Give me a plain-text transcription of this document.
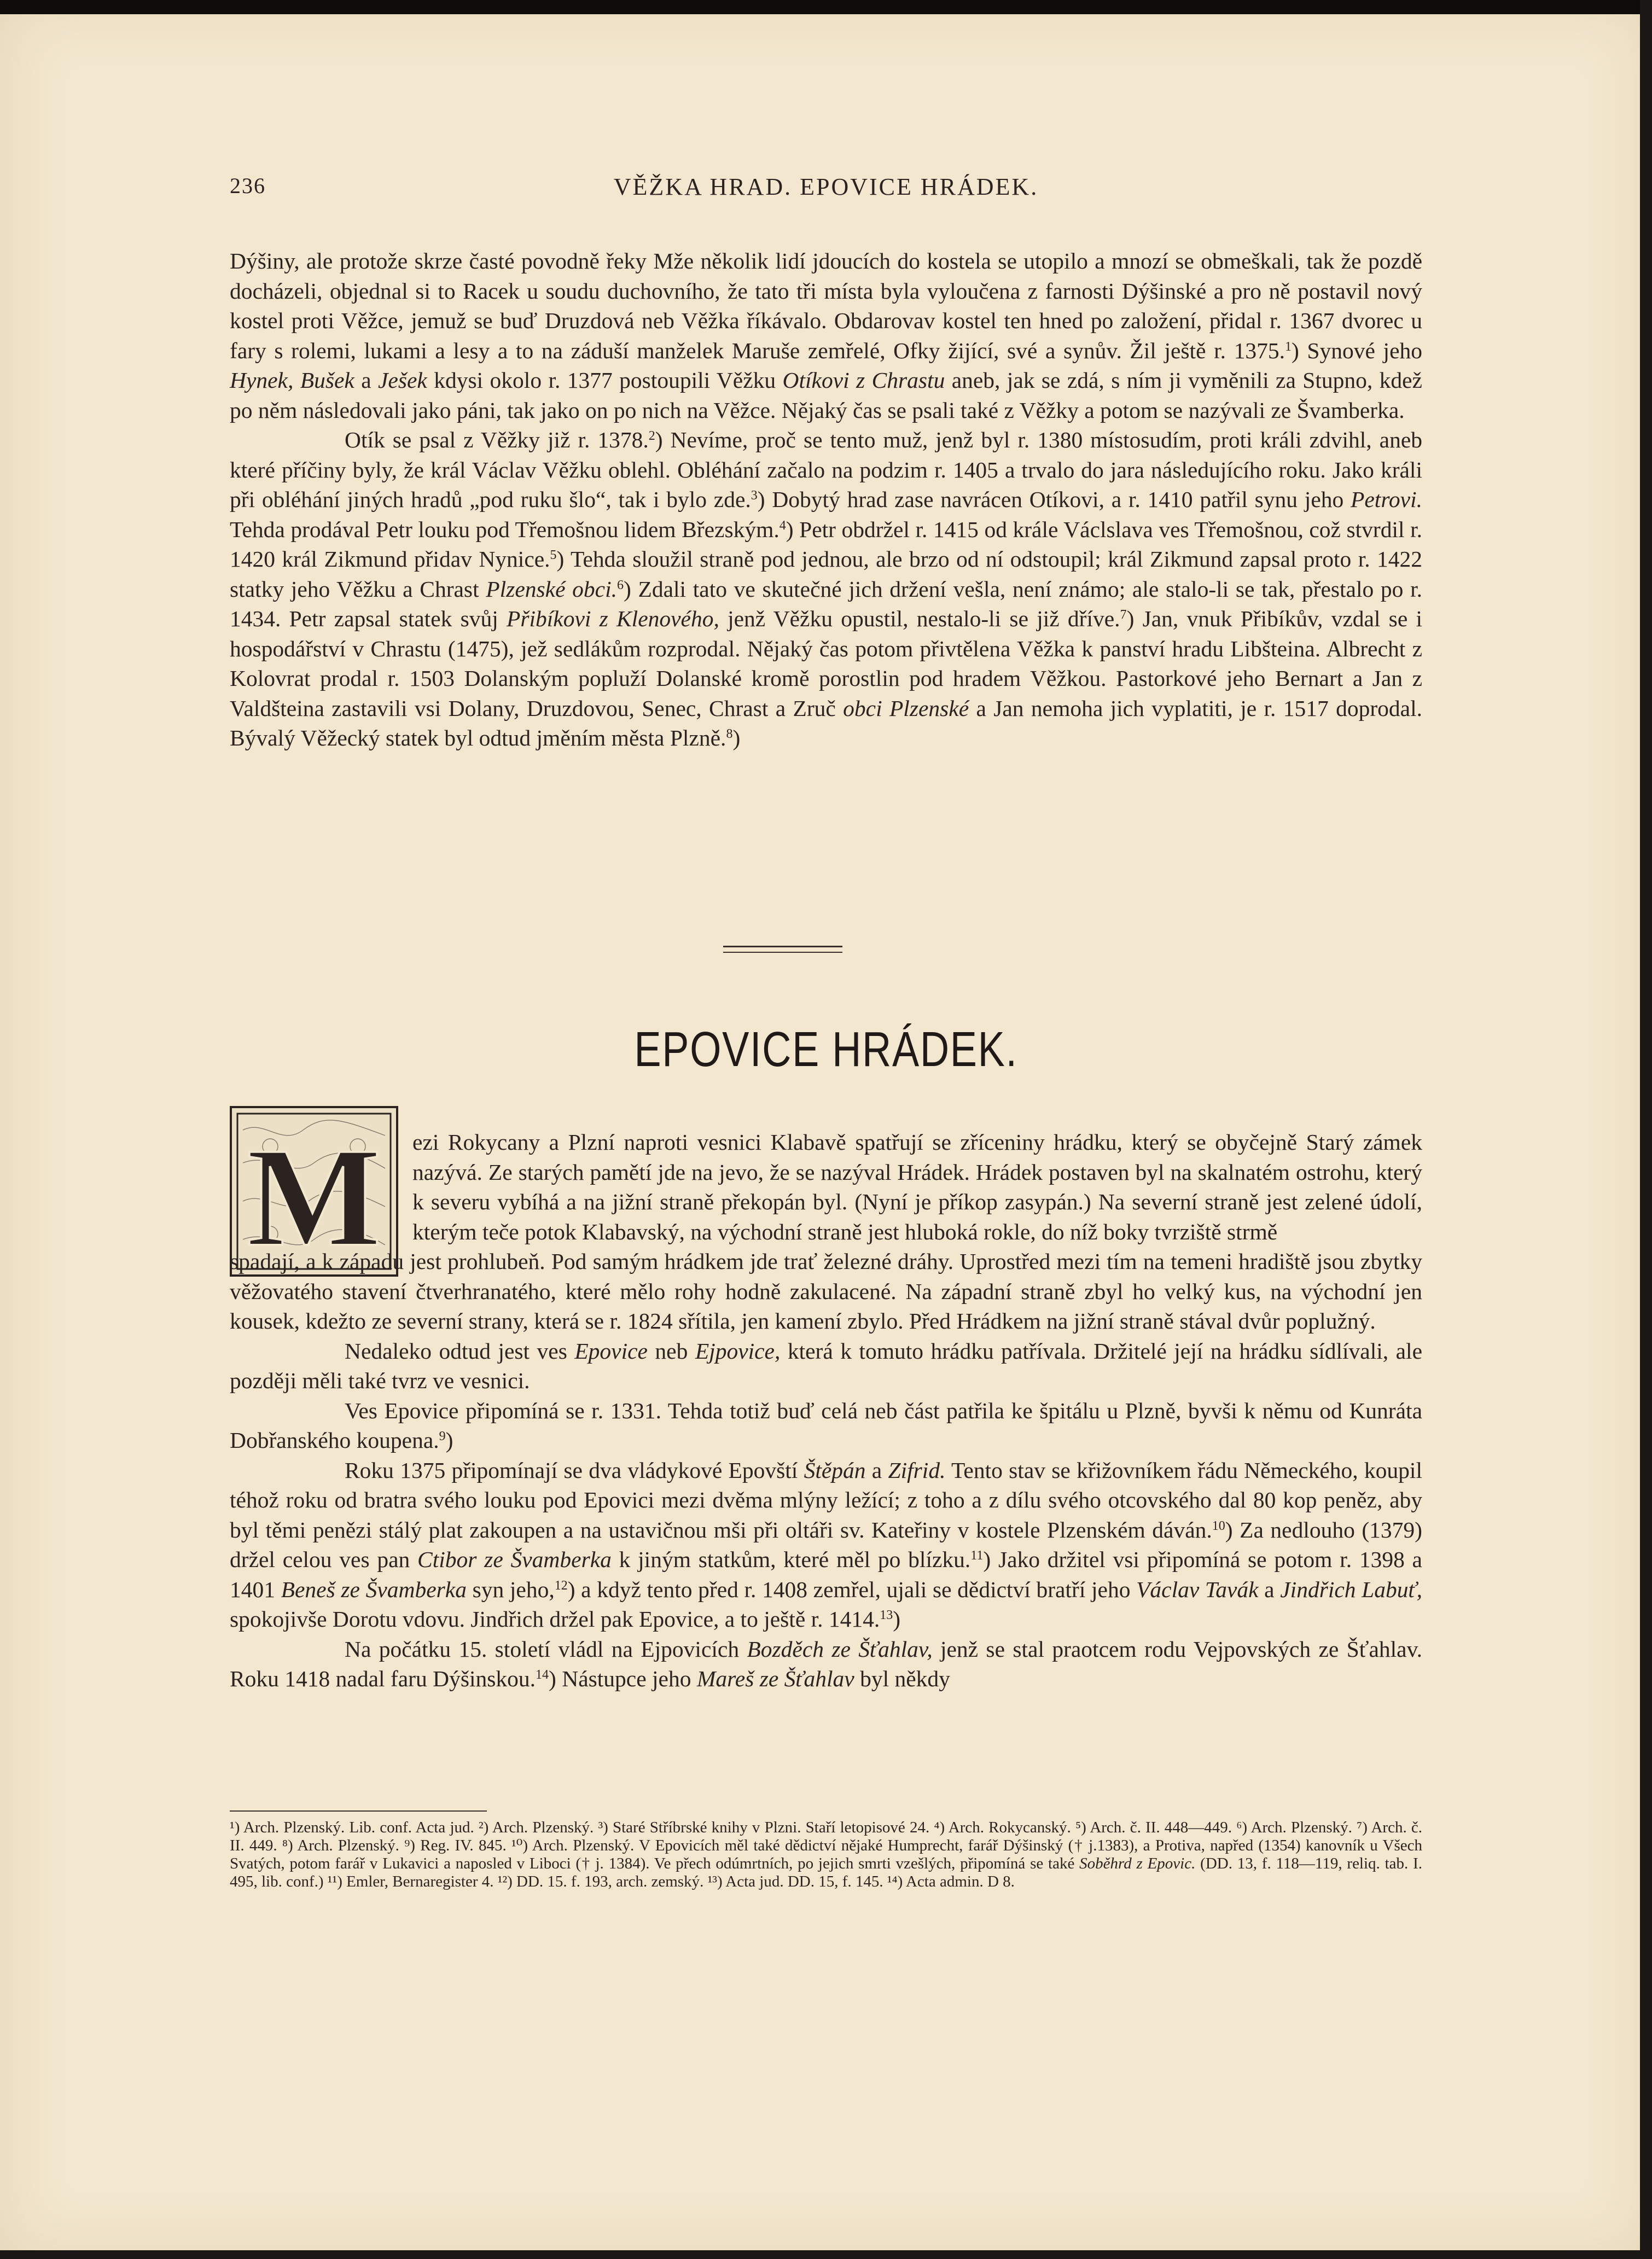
236	VĚŽKA HRAD. EPOVICE HRÁDEK.

Dýšiny, ale protože skrze časté povodně řeky Mže několik lidí jdoucích do kostela se utopilo a mnozí se obmeškali, tak že pozdě docházeli, objednal si to Racek u soudu duchovního, že tato tři místa byla vyloučena z farnosti Dýšinské a pro ně postavil nový kostel proti Věžce, jemuž se buď Druzdová neb Věžka říkávalo. Obdarovav kostel ten hned po založení, přidal r. 1367 dvorec u fary s rolemi, lukami a lesy a to na záduší manželek Maruše zemřelé, Ofky žijící, své a synův. Žil ještě r. 1375.$^1$) Synové jeho Hynek, Bušek a Ješek kdysi okolo r. 1377 postoupili Věžku Otíkovi z Chrastu aneb, jak se zdá, s ním ji vyměnili za Stupno, kdež po něm následovali jako páni, tak jako on po nich na Věžce. Nějaký čas se psali také z Věžky a potom se nazývali ze Švamberka.

Otík se psal z Věžky již r. 1378.$^2$) Nevíme, proč se tento muž, jenž byl r. 1380 místosudím, proti králi zdvihl, aneb které příčiny byly, že král Václav Věžku oblehl. Obléhání začalo na podzim r. 1405 a trvalo do jara následujícího roku. Jako králi při obléhání jiných hradů „pod ruku šlo“, tak i bylo zde.$^3$) Dobytý hrad zase navrácen Otíkovi, a r. 1410 patřil synu jeho Petrovi. Tehda prodával Petr louku pod Třemošnou lidem Březským.$^4$) Petr obdržel r. 1415 od krále Václslava ves Třemošnou, což stvrdil r. 1420 král Zikmund přidav Nynice.$^5$) Tehda sloužil straně pod jednou, ale brzo od ní odstoupil; král Zikmund zapsal proto r. 1422 statky jeho Věžku a Chrast Plzenské obci.$^6$) Zdali tato ve skutečné jich držení vešla, není známo; ale stalo-li se tak, přestalo po r. 1434. Petr zapsal statek svůj Přibíkovi z Klenového, jenž Věžku opustil, nestalo-li se již dříve.$^7$) Jan, vnuk Přibíkův, vzdal se i hospodářství v Chrastu (1475), jež sedlákům rozprodal. Nějaký čas potom přivtělena Věžka k panství hradu Libšteina. Albrecht z Kolovrat prodal r. 1503 Dolanským popluží Dolanské kromě porostlin pod hradem Věžkou. Pastorkové jeho Bernart a Jan z Valdšteina zastavili vsi Dolany, Druzdovou, Senec, Chrast a Zruč obci Plzenské a Jan nemoha jich vyplatiti, je r. 1517 doprodal. Bývalý Věžecký statek byl odtud jměním města Plzně.$^8$)

EPOVICE HRÁDEK.
M ezi Rokycany a Plzní naproti vesnici Klabavě spatřují se zříceniny hrádku, který se obyčejně Starý zámek nazývá. Ze starých pamětí jde na jevo, že se nazýval Hrádek. Hrádek postaven byl na skalnatém ostrohu, který k severu vybíhá a na jižní straně překopán byl. (Nyní je příkop zasypán.) Na severní straně jest zelené údolí, kterým teče potok Klabavský, na východní straně jest hluboká rokle, do níž boky tvrziště strmě
spadají, a k západu jest prohlubeň. Pod samým hrádkem jde trať železné dráhy. Uprostřed mezi tím na temeni hradiště jsou zbytky věžovatého stavení čtverhranatého, které mělo rohy hodně zakulacené. Na západní straně zbyl ho velký kus, na východní jen kousek, kdežto ze severní strany, která se r. 1824 sřítila, jen kamení zbylo. Před Hrádkem na jižní straně stával dvůr poplužný.

Nedaleko odtud jest ves Epovice neb Ejpovice, která k tomuto hrádku patřívala. Držitelé její na hrádku sídlívali, ale později měli také tvrz ve vesnici.

Ves Epovice připomíná se r. 1331. Tehda totiž buď celá neb část patřila ke špitálu u Plzně, byvši k němu od Kunráta Dobřanského koupena.$^9$)

Roku 1375 připomínají se dva vládykové Epovští Štěpán a Zifrid. Tento stav se křižovníkem řádu Německého, koupil téhož roku od bratra svého louku pod Epovici mezi dvěma mlýny ležící; z toho a z dílu svého otcovského dal 80 kop peněz, aby byl těmi penězi stálý plat zakoupen a na ustavičnou mši při oltáři sv. Kateřiny v kostele Plzenském dáván.$^{10}$) Za nedlouho (1379) držel celou ves pan Ctibor ze Švamberka k jiným statkům, které měl po blízku.$^{11}$) Jako držitel vsi připomíná se potom r. 1398 a 1401 Beneš ze Švamberka syn jeho,$^{12}$) a když tento před r. 1408 zemřel, ujali se dědictví bratří jeho Václav Tavák a Jindřich Labuť, spokojivše Dorotu vdovu. Jindřich držel pak Epovice, a to ještě r. 1414.13)

Na počátku 15. století vládl na Ejpovicích Bozděch ze Šťahlav, jenž se stal praotcem rodu Vejpovských ze Šťahlav. Roku 1418 nadal faru Dýšinskou.$^{14}$) Nástupce jeho Mareš ze Šťahlav byl někdy

¹) Arch. Plzenský. Lib. conf. Acta jud. ²) Arch. Plzenský. ³) Staré Stříbrské knihy v Plzni. Staří letopisové 24. ⁴) Arch. Rokycanský. ⁵) Arch. č. II. 448—449. ⁶) Arch. Plzenský. ⁷) Arch. č. II. 449. ⁸) Arch. Plzenský. ⁹) Reg. IV. 845. ¹⁰) Arch. Plzenský. V Epovicích měl také dědictví nějaké Humprecht, farář Dýšinský († j.1383), a Protiva, napřed (1354) kanovník u Všech Svatých, potom farář v Lukavici a naposled v Liboci († j. 1384). Ve přech odúmrtních, po jejich smrti vzešlých, připomíná se také Soběhrd z Epovic. (DD. 13, f. 118—119, reliq. tab. I. 495, lib. conf.) ¹¹) Emler, Bernaregister 4. ¹²) DD. 15. f. 193, arch. zemský. ¹³) Acta jud. DD. 15, f. 145. ¹⁴) Acta admin. D 8.
